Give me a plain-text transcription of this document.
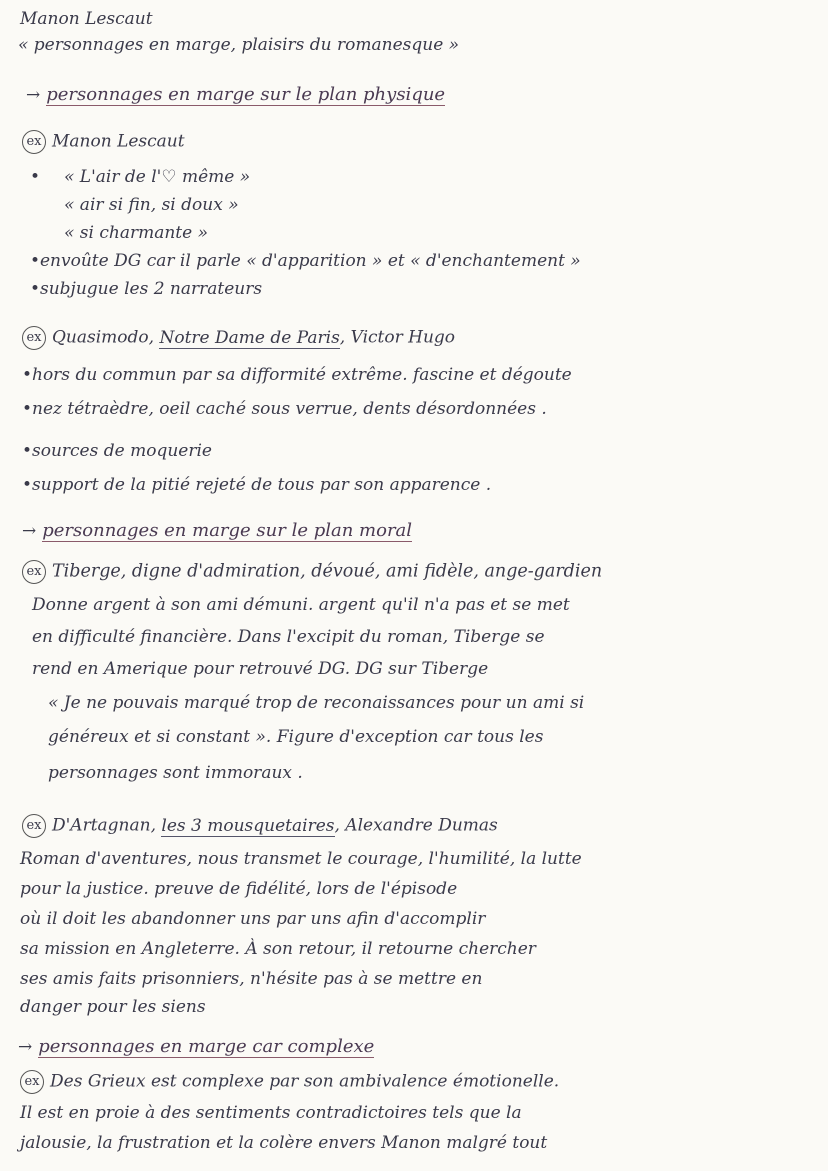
Manon Lescaut
« personnages en marge, plaisirs du romanesque »
→ personnages en marge sur le plan physique
ex Manon Lescaut
• « L'air de l'♡ même »
« air si fin, si doux »
« si charmante »
•envoûte DG car il parle « d'apparition » et « d'enchantement »
•subjugue les 2 narrateurs
ex Quasimodo, Notre Dame de Paris, Victor Hugo
•hors du commun par sa difformité extrême. fascine et dégoute
•nez tétraèdre, oeil caché sous verrue, dents désordonnées .
•sources de moquerie
•support de la pitié rejeté de tous par son apparence .
→ personnages en marge sur le plan moral
ex Tiberge, digne d'admiration, dévoué, ami fidèle, ange-gardien
Donne argent à son ami démuni. argent qu'il n'a pas et se met
en difficulté financière. Dans l'excipit du roman, Tiberge se
rend en Amerique pour retrouvé DG. DG sur Tiberge
« Je ne pouvais marqué trop de reconaissances pour un ami si
généreux et si constant ». Figure d'exception car tous les
personnages sont immoraux .
ex D'Artagnan, les 3 mousquetaires, Alexandre Dumas
Roman d'aventures, nous transmet le courage, l'humilité, la lutte
pour la justice. preuve de fidélité, lors de l'épisode
où il doit les abandonner uns par uns afin d'accomplir
sa mission en Angleterre. À son retour, il retourne chercher
ses amis faits prisonniers, n'hésite pas à se mettre en
danger pour les siens
→ personnages en marge car complexe
ex Des Grieux est complexe par son ambivalence émotionelle.
Il est en proie à des sentiments contradictoires tels que la
jalousie, la frustration et la colère envers Manon malgré tout
